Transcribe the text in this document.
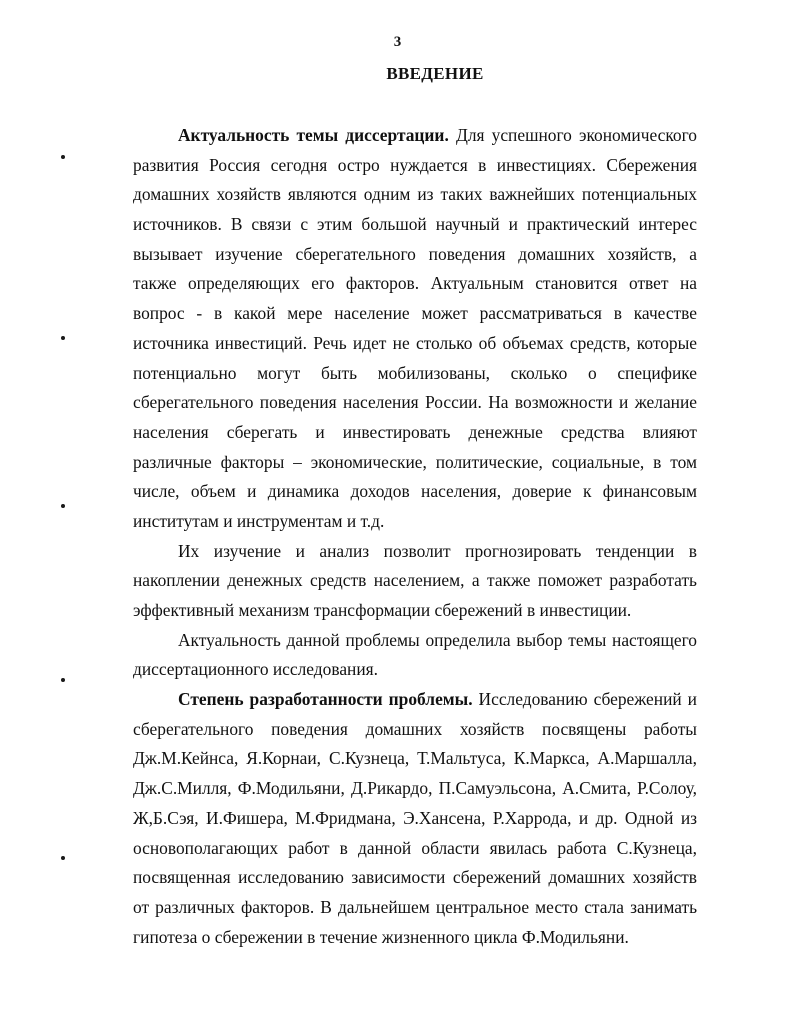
3
ВВЕДЕНИЕ
Актуальность темы диссертации. Для успешного экономического
развития Россия сегодня остро нуждается в инвестициях. Сбережения
домашних хозяйств являются одним из таких важнейших потенциальных
источников. В связи с этим большой научный и практический интерес
вызывает изучение сберегательного поведения домашних хозяйств, а
также определяющих его факторов. Актуальным становится ответ на
вопрос - в какой мере население может рассматриваться в качестве
источника инвестиций. Речь идет не столько об объемах средств, которые
потенциально могут быть мобилизованы, сколько о специфике
сберегательного поведения населения России. На возможности и желание
населения сберегать и инвестировать денежные средства влияют
различные факторы – экономические, политические, социальные, в том
числе, объем и динамика доходов населения, доверие к финансовым
институтам и инструментам и т.д.
Их изучение и анализ позволит прогнозировать тенденции в
накоплении денежных средств населением, а также поможет разработать
эффективный механизм трансформации сбережений в инвестиции.
Актуальность данной проблемы определила выбор темы настоящего
диссертационного исследования.
Степень разработанности проблемы. Исследованию сбережений и
сберегательного поведения домашних хозяйств посвящены работы
Дж.М.Кейнса, Я.Корнаи, С.Кузнеца, Т.Мальтуса, К.Маркса, А.Маршалла,
Дж.С.Милля, Ф.Модильяни, Д.Рикардо, П.Самуэльсона, А.Смита, Р.Солоу,
Ж,Б.Сэя, И.Фишера, М.Фридмана, Э.Хансена, Р.Харрода, и др. Одной из
основополагающих работ в данной области явилась работа С.Кузнеца,
посвященная исследованию зависимости сбережений домашних хозяйств
от различных факторов. В дальнейшем центральное место стала занимать
гипотеза о сбережении в течение жизненного цикла Ф.Модильяни.
